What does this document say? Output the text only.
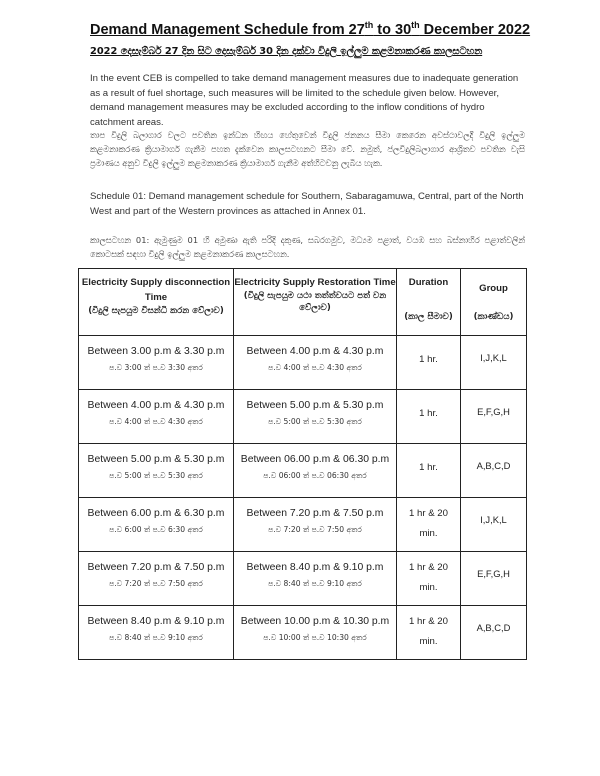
Demand Management Schedule from 27th to 30th December 2022
2022 දෙසැම්බර් 27 දින සිට දෙසැම්බර් 30 දින දක්වා විදුලි ඉල්ලුම කළමනාකරණ කාලසටහන
In the event CEB is compelled to take demand management measures due to inadequate generation as a result of fuel shortage, such measures will be limited to the schedule given below. However, demand management measures may be excluded according to the inflow conditions of hydro catchment areas.
තාප විදුලි බලාගාර වලට පවතින ඉන්ධන හිඟය හේතුවෙන් විදුලි ජනනය සීමා කෙරෙන අවස්ථාවලදී විදුලි ඉල්ලුම කළමනාකරණ ක්‍රියාමාර්ග ගැනීම පහත දැක්වෙන කාලසටහනට සීමා වේ. නමුත්, ජලවිදුලිබලාගාර ආශ්‍රිතව පවතින වැසි ප්‍රමාණය අනුව විදුලි ඉල්ලුම කළමනාකරණ ක්‍රියාමාර්ග ගැනීම අත්හිටවනු ලැබිය හැක.
Schedule 01: Demand management schedule for Southern, Sabaragamuwa, Central, part of the North West and part of the Western provinces as attached in Annex 01.
කාලසටහන 01: ඇමුණුම 01 හි අමුණා ඇති පරිදි දකුණ, සබරගමුව, මධ්‍යම පළාත්, වයඹ සහ බස්නාහිර පළාත්වලින් කොටසක් සඳහා විදුලි ඉල්ලුම කළමනාකරණ කාලසටහන.
Electricity Supply disconnection Time
(විදුලි සැපයුම විසන්ධි කරන වේලාව)	Electricity Supply Restoration Time
(විදුලි සැපයුම යථා තත්ත්වයට පත් වන වේලාව)	Duration
(කාල සීමාව)	Group
(කාණ්ඩය)

Between 3.00 p.m & 3.30 p.m
ප.ව 3:00 ත් ප.ව 3:30 අතර	Between 4.00 p.m & 4.30 p.m
ප.ව 4:00 ත් ප.ව 4:30 අතර	1 hr.	I,J,K,L

Between 4.00 p.m & 4.30 p.m
ප.ව 4:00 ත් ප.ව 4:30 අතර	Between 5.00 p.m & 5.30 p.m
ප.ව 5:00 ත් ප.ව 5:30 අතර	1 hr.	E,F,G,H

Between 5.00 p.m & 5.30 p.m
ප.ව 5:00 ත් ප.ව 5:30 අතර	Between 06.00 p.m & 06.30 p.m
ප.ව 06:00 ත් ප.ව 06:30 අතර	1 hr.	A,B,C,D

Between 6.00 p.m & 6.30 p.m
ප.ව 6:00 ත් ප.ව 6:30 අතර	Between 7.20 p.m & 7.50 p.m
ප.ව 7:20 ත් ප.ව 7:50 අතර	1 hr & 20
min.	I,J,K,L

Between 7.20 p.m & 7.50 p.m
ප.ව 7:20 ත් ප.ව 7:50 අතර	Between 8.40 p.m & 9.10 p.m
ප.ව 8:40 ත් ප.ව 9:10 අතර	1 hr & 20
min.	E,F,G,H

Between 8.40 p.m & 9.10 p.m
ප.ව 8:40 ත් ප.ව 9:10 අතර	Between 10.00 p.m & 10.30 p.m
ප.ව 10:00 ත් ප.ව 10:30 අතර	1 hr & 20
min.	A,B,C,D
